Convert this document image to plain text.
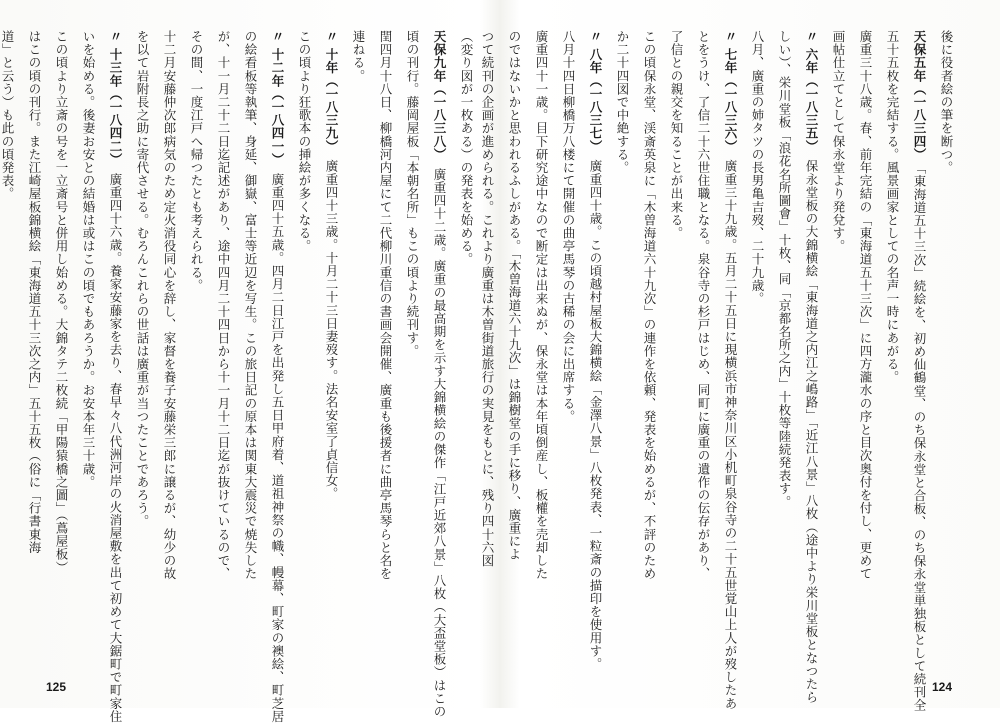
（変り図が一枚ある）の発表を始める。
天保九年（一八三八）　廣重四十二歳。廣重の最高期を示す大錦横絵の傑作「江戸近郊八景」八枚（大盃堂板）はこの
頃の刊行。藤岡屋板「本朝名所」もこの頃より続刊す。
閏四月十八日、柳橋河内屋にて二代柳川重信の書画会開催、廣重も後援者に曲亭馬琴らと名を
連ねる。
〃 十年（一八三九）　廣重四十三歳。十月二十三日妻歿す。法名安室了貞信女。
この頃より狂歌本の挿絵が多くなる。
〃 十二年（一八四一）　廣重四十五歳。四月二日江戸を出発し五日甲府着、道祖神祭の幟、幔幕、町家の襖絵、町芝居
の絵看板等執筆、身延、御嶽、富士等近辺を写生。この旅日記の原本は関東大震災で焼失した
が、十一月二十二日迄記述があり、途中四月二十四日から十一月十二日迄が抜けているので、
その間、一度江戸へ帰つたとも考えられる。
十二月安藤仲次郎病気のため定火消役同心を辞し、家督を養子安藤栄三郎に譲るが、幼少の故
を以て岩附長之助に寄代させる。むろんこれらの世話は廣重が当つたことであろう。
〃 十三年（一八四二）　廣重四十六歳。養家安藤家を去り、春早々八代洲河岸の火消屋敷を出て初めて大鋸町で町家住
いを始める。後妻お安との結婚は或はこの頃でもあろうか。お安本年三十歳。
この頃より立斎の号を一立斎号と併用し始める。大錦タテ二枚続「甲陽猿橋之圖」（蔦屋板）
はこの頃の刊行。また江崎屋板錦横絵「東海道五十三次之内」五十五枚（俗に「行書東海
道」と云う）も此の頃発表。
125
後に役者絵の筆を断つ。
天保五年（一八三四）　「東海道五十三次」続絵を、初め仙鶴堂、のち保永堂と合板、のち保永堂単独板として続刊全
五十五枚を完結する。風景画家としての名声一時にあがる。
廣重三十八歳。春、前年完結の「東海道五十三次」に四方瀧水の序と目次奥付を付し、更めて
画帖仕立てとして保永堂より発兌す。
〃 六年（一八三五）　保永堂板の大錦横絵「東海道之内江之嶋路」「近江八景」八枚（途中より栄川堂板となつたら
しい）、栄川堂板「浪花名所圖會」十枚、同「京都名所之内」十枚等陸続発表す。
八月、廣重の姉タツの長男亀吉歿、二十九歳。
〃 七年（一八三六）　廣重三十九歳。五月二十五日に現横浜市神奈川区小机町泉谷寺の二十五世覚山上人が歿したあ
とをうけ、了信二十六世住職となる。泉谷寺の杉戸はじめ、同町に廣重の遺作の伝存があり、
了信との親交を知ることが出来る。
この頃保永堂、渓斎英泉に「木曽海道六十九次」の連作を依頼、発表を始めるが、不評のため
か二十四図で中絶する。
〃 八年（一八三七）　廣重四十歳。この頃越村屋板大錦横絵「金澤八景」八枚発表、一粒斎の描印を使用す。
八月十四日柳橋万八楼にて開催の曲亭馬琴の古稀の会に出席する。
廣重四十一歳。目下研究途中なので断定は出来ぬが、保永堂は本年頃倒産し、板權を売却した
のではないかと思われるふしがある。「木曽海道六十九次」は錦樹堂の手に移り、廣重によ
つて続刊の企画が進められる。これより廣重は木曽街道旅行の実見をもとに、残り四十六図
124
